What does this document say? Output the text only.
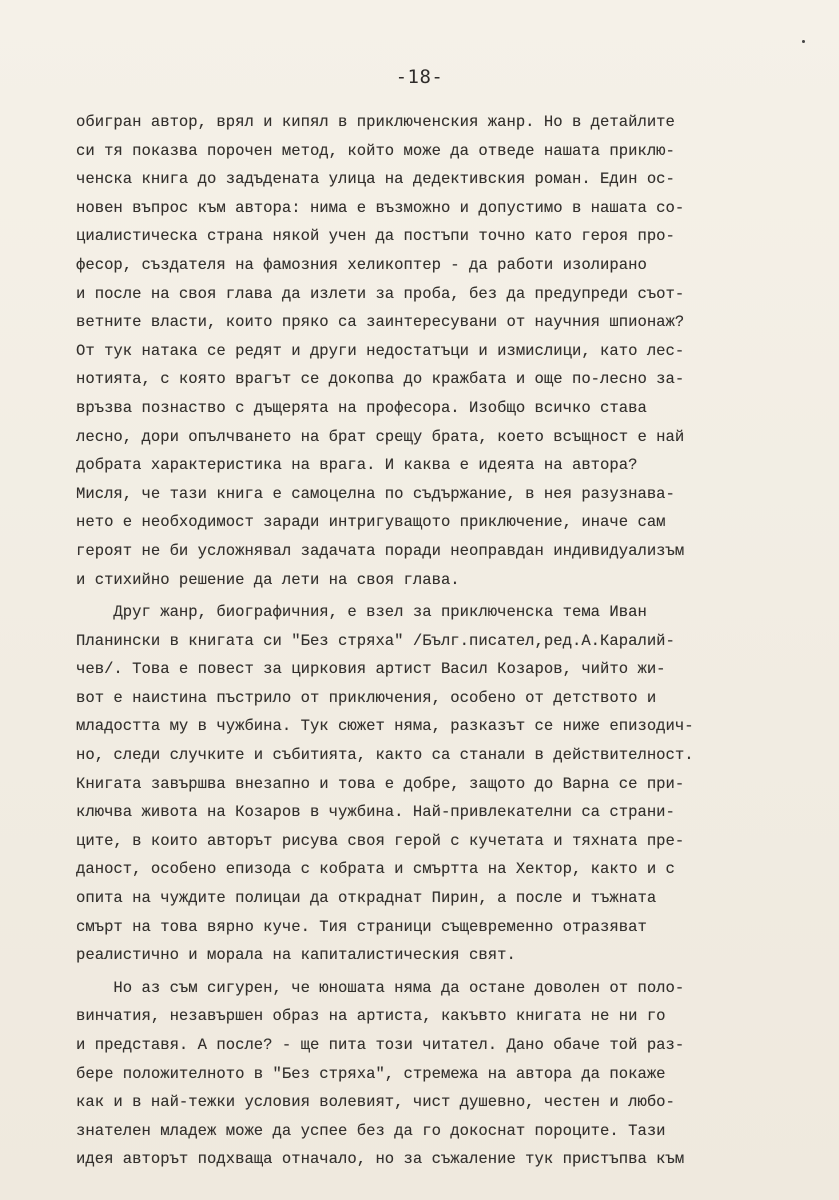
-18-
обигран автор, врял и кипял в приключенския жанр. Но в детайлите
си тя показва порочен метод, който може да отведе нашата приклю-
ченска книга до задъдената улица на дедективския роман. Един ос-
новен въпрос към автора: нима е възможно и допустимо в нашата со-
циалистическа страна някой учен да постъпи точно като героя про-
фесор, създателя на фамозния хеликоптер - да работи изолирано
и после на своя глава да излети за проба, без да предупреди съот-
ветните власти, които пряко са заинтересувани от научния шпионаж?
От тук натака се редят и други недостатъци и измислици, като лес-
нотията, с която врагът се докопва до кражбата и още по-лесно за-
връзва познаство с дъщерята на професора. Изобщо всичко става
лесно, дори опълчването на брат срещу брата, което всъщност е най
добрата характеристика на врага. И каква е идеята на автора?
Мисля, че тази книга е самоцелна по съдържание, в нея разузнава-
нето е необходимост заради интригуващото приключение, иначе сам
героят не би усложнявал задачата поради неоправдан индивидуализъм
и стихийно решение да лети на своя глава.
Друг жанр, биографичния, е взел за приключенска тема Иван
Планински в книгата си "Без стряха" /Бълг.писател,ред.А.Каралий-
чев/. Това е повест за цирковия артист Васил Козаров, чийто жи-
вот е наистина пъстрило от приключения, особено от детството и
младостта му в чужбина. Тук сюжет няма, разказът се ниже епизодич-
но, следи случките и събитията, както са станали в действителност.
Книгата завършва внезапно и това е добре, защото до Варна се при-
ключва живота на Козаров в чужбина. Най-привлекателни са страни-
ците, в които авторът рисува своя герой с кучетата и тяхната пре-
даност, особено епизода с кобрата и смъртта на Хектор, както и с
опита на чуждите полицаи да откраднат Пирин, а после и тъжната
смърт на това вярно куче. Тия страници същевременно отразяват
реалистично и морала на капиталистическия свят.
Но аз съм сигурен, че юношата няма да остане доволен от поло-
винчатия, незавършен образ на артиста, какъвто книгата не ни го
и представя. А после? - ще пита този читател. Дано обаче той раз-
бере положителното в "Без стряха", стремежа на автора да покаже
как и в най-тежки условия волевият, чист душевно, честен и любо-
знателен младеж може да успее без да го докоснат пороците. Тази
идея авторът подхваща отначало, но за съжаление тук пристъпва към
